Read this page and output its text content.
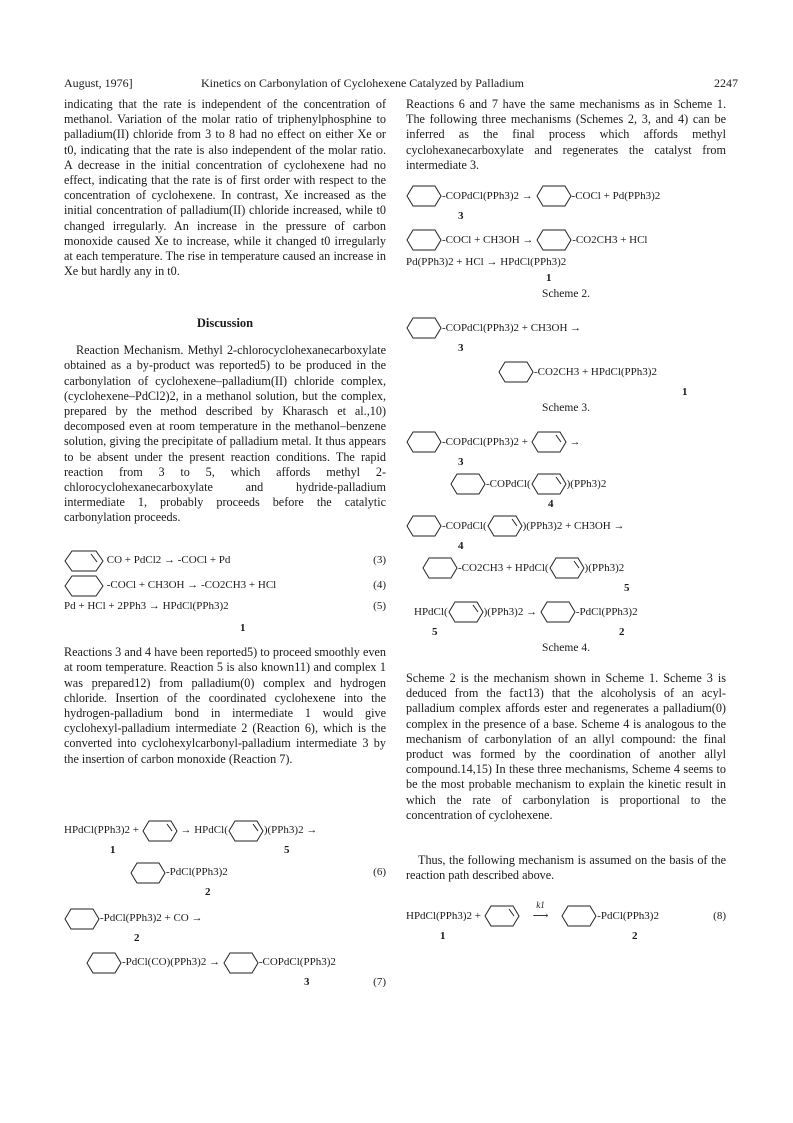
August, 1976]	Kinetics on Carbonylation of Cyclohexene Catalyzed by Palladium	2247

indicating that the rate is independent of the concentration of methanol. Variation of the molar ratio of triphenylphosphine to palladium(II) chloride from 3 to 8 had no effect on either Xe or t0, indicating that the rate is also independent of the molar ratio. A decrease in the initial concentration of cyclohexene had no effect, indicating that the rate is of first order with respect to the concentration of cyclohexene. In contrast, Xe increased as the initial concentration of palladium(II) chloride increased, while t0 changed irregularly. An increase in the pressure of carbon monoxide caused Xe to increase, while it changed t0 irregularly at each temperature. The rise in temperature caused an increase in Xe but hardly any in t0.

Discussion

Reaction Mechanism. Methyl 2-chlorocyclohexanecarboxylate obtained as a by-product was reported5) to be produced in the carbonylation of cyclohexene–palladium(II) chloride complex, (cyclohexene–PdCl2)2, in a methanol solution, but the complex, prepared by the method described by Kharasch et al.,10) decomposed even at room temperature in the methanol–benzene solution, giving the precipitate of palladium metal. It thus appears to be absent under the present reaction conditions. The rapid reaction from 3 to 5, which affords methyl 2-chlorocyclohexanecarboxylate and hydride-palladium intermediate 1, probably proceeds before the catalytic carbonylation proceeds.

CO + PdCl2 → -COCl + Pd	(3)
-COCl + CH3OH → -CO2CH3 + HCl	(4)
Pd + HCl + 2PPh3 → HPdCl(PPh3)2	(5)
1

Reactions 3 and 4 have been reported5) to proceed smoothly even at room temperature. Reaction 5 is also known11) and complex 1 was prepared12) from palladium(0) complex and hydrogen chloride. Insertion of the coordinated cyclohexene into the hydrogen-palladium bond in intermediate 1 would give cyclohexyl-palladium intermediate 2 (Reaction 6), which is the converted into cyclohexylcarbonyl-palladium intermediate 3 by the insertion of carbon monoxide (Reaction 7).

HPdCl(PPh3)2 +	→ HPdCl(	)(PPh3)2 →
1	5
-PdCl(PPh3)2	(6)
2
-PdCl(PPh3)2 + CO →
2
-PdCl(CO)(PPh3)2 →	-COPdCl(PPh3)2
3	(7)

Reactions 6 and 7 have the same mechanisms as in Scheme 1. The following three mechanisms (Schemes 2, 3, and 4) can be inferred as the final process which affords methyl cyclohexanecarboxylate and regenerates the catalyst from intermediate 3.

-COPdCl(PPh3)2 →	-COCl + Pd(PPh3)2
3
-COCl + CH3OH →	-CO2CH3 + HCl
Pd(PPh3)2 + HCl → HPdCl(PPh3)2
1
Scheme 2.
-COPdCl(PPh3)2 + CH3OH →
3
-CO2CH3 + HPdCl(PPh3)2
1
Scheme 3.
-COPdCl(PPh3)2 +	→
3
-COPdCl(	)(PPh3)2
4
-COPdCl(	)(PPh3)2 + CH3OH →
4
-CO2CH3 + HPdCl(	)(PPh3)2
5
HPdCl(	)(PPh3)2 →	-PdCl(PPh3)2
5	2
Scheme 4.

Scheme 2 is the mechanism shown in Scheme 1. Scheme 3 is deduced from the fact13) that the alcoholysis of an acyl-palladium complex affords ester and regenerates a palladium(0) complex in the presence of a base. Scheme 4 is analogous to the mechanism of carbonylation of an allyl compound: the final product was formed by the coordination of another allyl compound.14,15) In these three mechanisms, Scheme 4 seems to be the most probable mechanism to explain the kinetic result in which the rate of carbonylation is proportional to the concentration of cyclohexene.

Thus, the following mechanism is assumed on the basis of the reaction path described above.

HPdCl(PPh3)2 +
k1
⟶	-PdCl(PPh3)2	(8)
1	2
